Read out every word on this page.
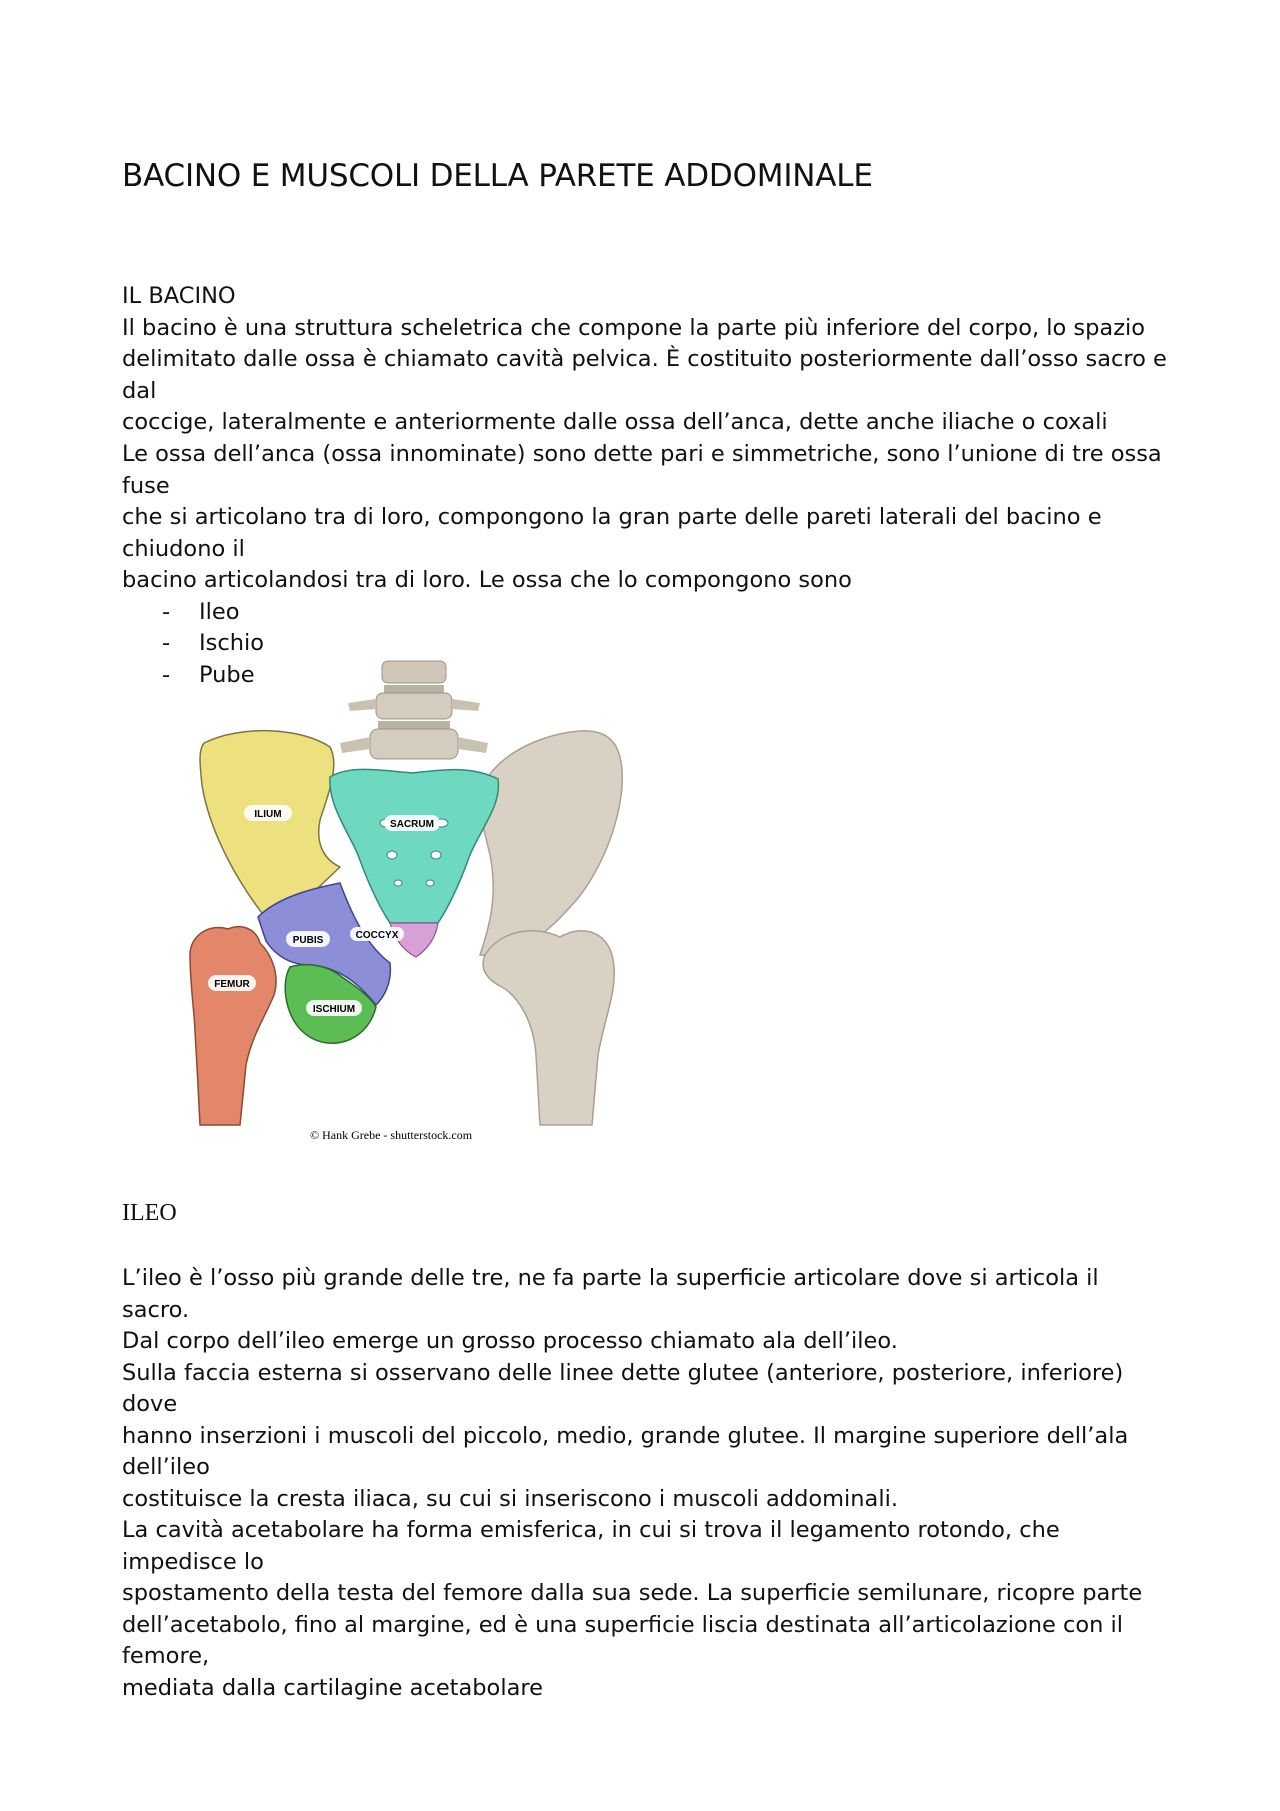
BACINO E MUSCOLI DELLA PARETE ADDOMINALE

IL BACINO

Il bacino è una struttura scheletrica che compone la parte più inferiore del corpo, lo spazio

delimitato dalle ossa è chiamato cavità pelvica. È costituito posteriormente dall’osso sacro e dal

coccige, lateralmente e anteriormente dalle ossa dell’anca, dette anche iliache o coxali

Le ossa dell’anca (ossa innominate) sono dette pari e simmetriche, sono l’unione di tre ossa fuse

che si articolano tra di loro, compongono la gran parte delle pareti laterali del bacino e chiudono il

bacino articolandosi tra di loro. Le ossa che lo compongono sono

- Ileo
- Ischio
- Pube
ILIUM
SACRUM
COCCYX
PUBIS
FEMUR
ISCHIUM
© Hank Grebe - shutterstock.com
ILEO

L’ileo è l’osso più grande delle tre, ne fa parte la superficie articolare dove si articola il sacro.

Dal corpo dell’ileo emerge un grosso processo chiamato ala dell’ileo.

Sulla faccia esterna si osservano delle linee dette glutee (anteriore, posteriore, inferiore) dove

hanno inserzioni i muscoli del piccolo, medio, grande glutee. Il margine superiore dell’ala dell’ileo

costituisce la cresta iliaca, su cui si inseriscono i muscoli addominali.

La cavità acetabolare ha forma emisferica, in cui si trova il legamento rotondo, che impedisce lo

spostamento della testa del femore dalla sua sede. La superficie semilunare, ricopre parte

dell’acetabolo, fino al margine, ed è una superficie liscia destinata all’articolazione con il femore,

mediata dalla cartilagine acetabolare
